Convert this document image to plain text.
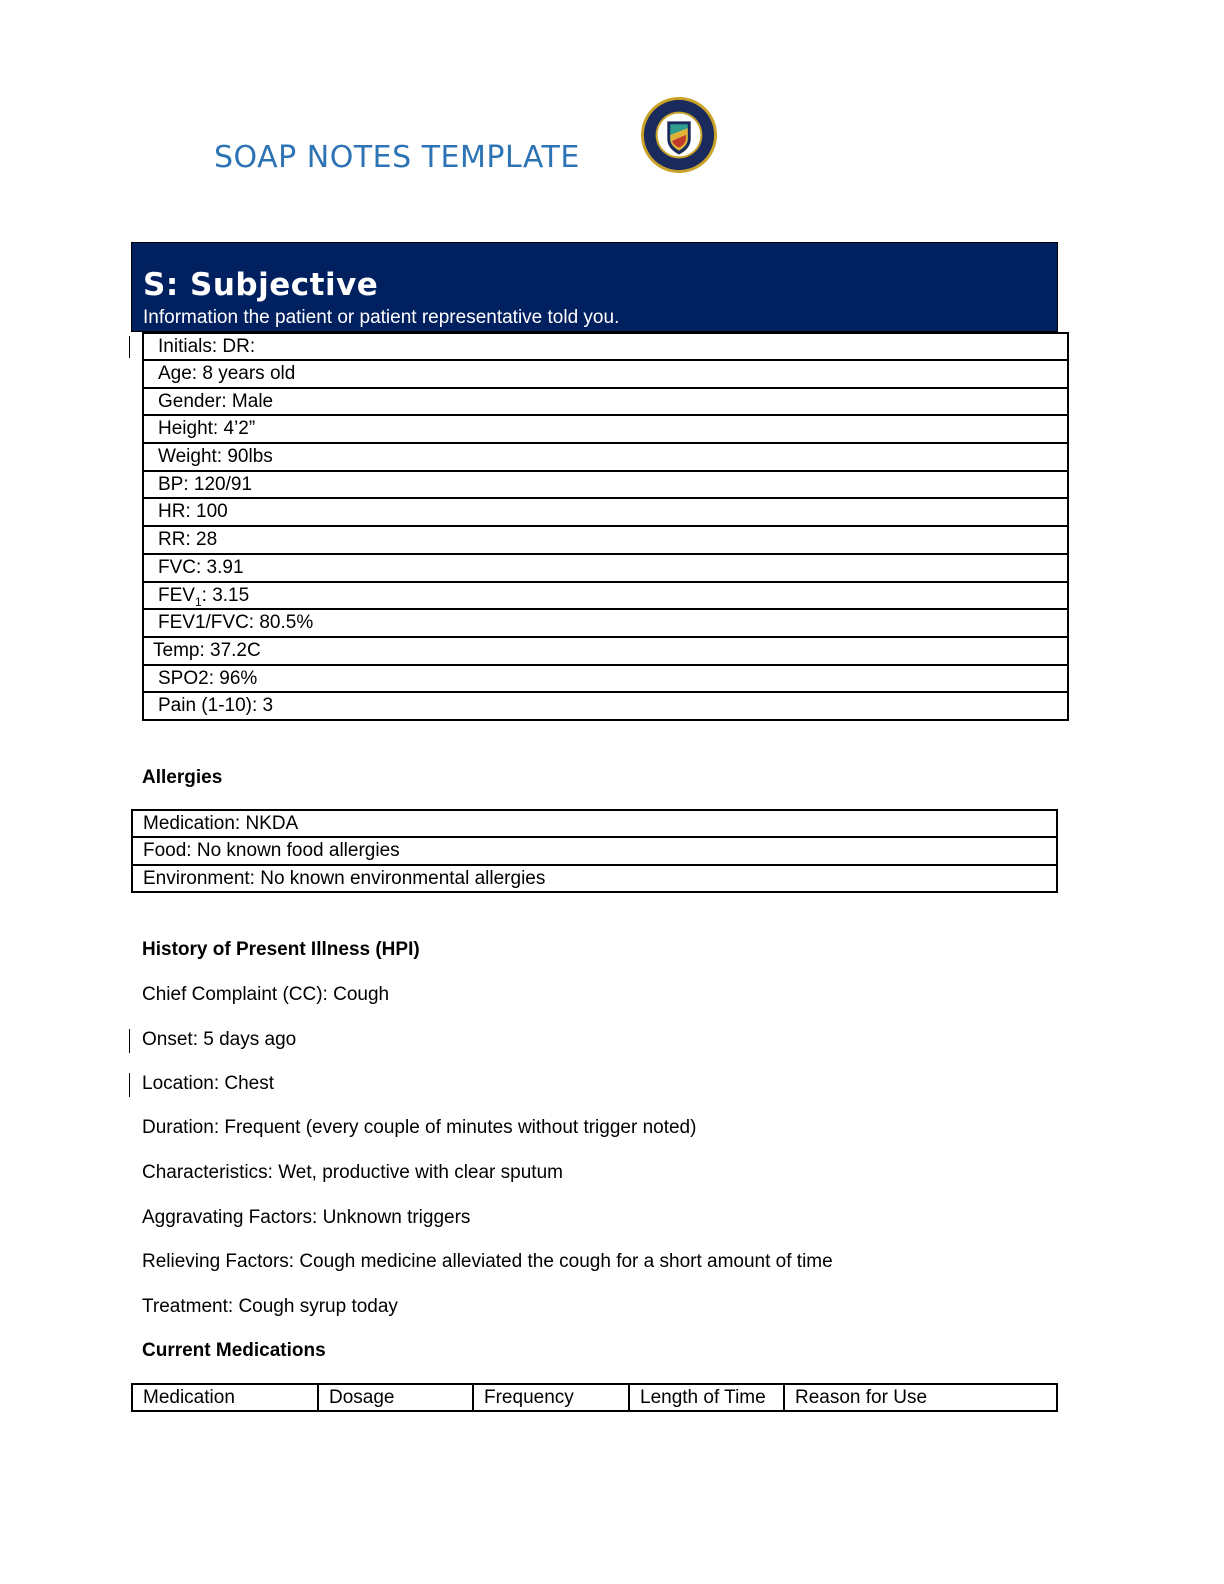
SOAP NOTES TEMPLATE
S: Subjective
Information the patient or patient representative told you.
Initials: DR:
Age: 8 years old
Gender: Male
Height: 4’2”
Weight: 90lbs
BP: 120/91
HR: 100
RR: 28
FVC: 3.91
$FEV_1$: 3.15
FEV1/FVC: 80.5%
Temp: 37.2C
SPO2: 96%
Pain (1-10): 3
Allergies
Medication: NKDA
Food: No known food allergies
Environment: No known environmental allergies
History of Present Illness (HPI)
Chief Complaint (CC): Cough
Onset: 5 days ago
Location: Chest
Duration: Frequent (every couple of minutes without trigger noted)
Characteristics: Wet, productive with clear sputum
Aggravating Factors: Unknown triggers
Relieving Factors: Cough medicine alleviated the cough for a short amount of time
Treatment: Cough syrup today
Current Medications
Medication	Dosage	Frequency	Length of Time	Reason for Use
